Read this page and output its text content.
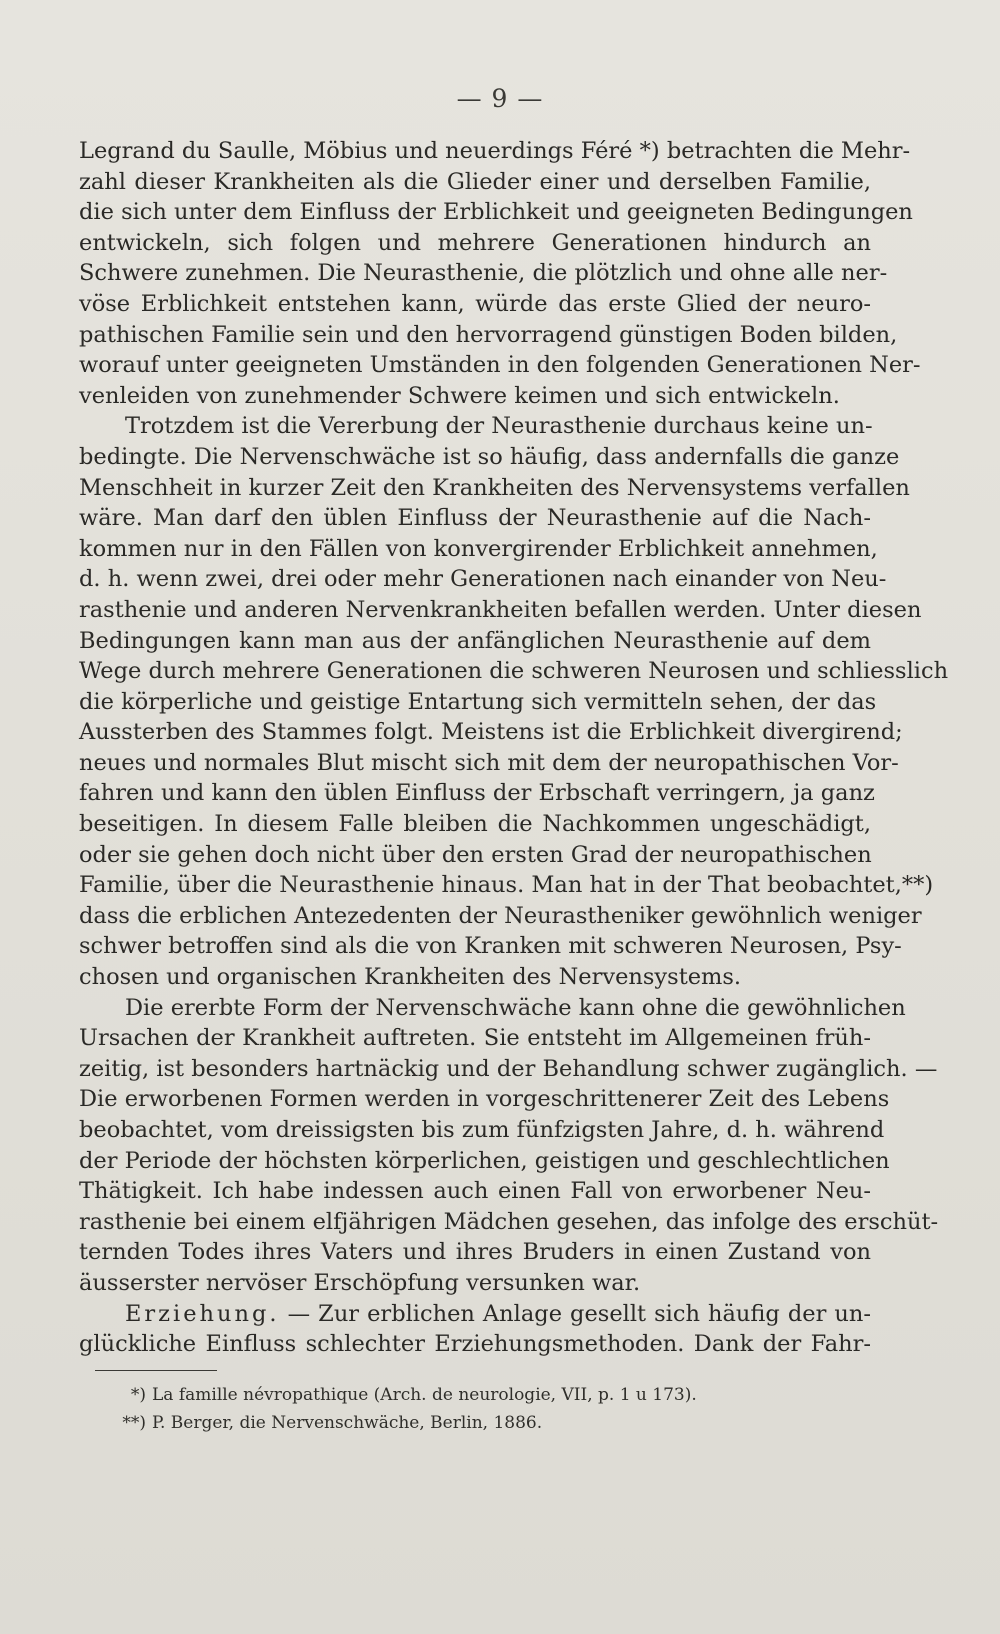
— 9 —
Legrand du Saulle, Möbius und neuerdings Féré *) betrachten die Mehr-
zahl dieser Krankheiten als die Glieder einer und derselben Familie,
die sich unter dem Einfluss der Erblichkeit und geeigneten Bedingungen
entwickeln, sich folgen und mehrere Generationen hindurch an
Schwere zunehmen. Die Neurasthenie, die plötzlich und ohne alle ner-
vöse Erblichkeit entstehen kann, würde das erste Glied der neuro-
pathischen Familie sein und den hervorragend günstigen Boden bilden,
worauf unter geeigneten Umständen in den folgenden Generationen Ner-
venleiden von zunehmender Schwere keimen und sich entwickeln.
Trotzdem ist die Vererbung der Neurasthenie durchaus keine un-
bedingte. Die Nervenschwäche ist so häufig, dass andernfalls die ganze
Menschheit in kurzer Zeit den Krankheiten des Nervensystems verfallen
wäre. Man darf den üblen Einfluss der Neurasthenie auf die Nach-
kommen nur in den Fällen von konvergirender Erblichkeit annehmen,
d. h. wenn zwei, drei oder mehr Generationen nach einander von Neu-
rasthenie und anderen Nervenkrankheiten befallen werden. Unter diesen
Bedingungen kann man aus der anfänglichen Neurasthenie auf dem
Wege durch mehrere Generationen die schweren Neurosen und schliesslich
die körperliche und geistige Entartung sich vermitteln sehen, der das
Aussterben des Stammes folgt. Meistens ist die Erblichkeit divergirend;
neues und normales Blut mischt sich mit dem der neuropathischen Vor-
fahren und kann den üblen Einfluss der Erbschaft verringern, ja ganz
beseitigen. In diesem Falle bleiben die Nachkommen ungeschädigt,
oder sie gehen doch nicht über den ersten Grad der neuropathischen
Familie, über die Neurasthenie hinaus. Man hat in der That beobachtet,**)
dass die erblichen Antezedenten der Neurastheniker gewöhnlich weniger
schwer betroffen sind als die von Kranken mit schweren Neurosen, Psy-
chosen und organischen Krankheiten des Nervensystems.
Die ererbte Form der Nervenschwäche kann ohne die gewöhnlichen
Ursachen der Krankheit auftreten. Sie entsteht im Allgemeinen früh-
zeitig, ist besonders hartnäckig und der Behandlung schwer zugänglich. —
Die erworbenen Formen werden in vorgeschrittenerer Zeit des Lebens
beobachtet, vom dreissigsten bis zum fünfzigsten Jahre, d. h. während
der Periode der höchsten körperlichen, geistigen und geschlechtlichen
Thätigkeit. Ich habe indessen auch einen Fall von erworbener Neu-
rasthenie bei einem elfjährigen Mädchen gesehen, das infolge des erschüt-
ternden Todes ihres Vaters und ihres Bruders in einen Zustand von
äusserster nervöser Erschöpfung versunken war.
Erziehung. — Zur erblichen Anlage gesellt sich häufig der un-
glückliche Einfluss schlechter Erziehungsmethoden. Dank der Fahr-
*) La famille névropathique (Arch. de neurologie, VII, p. 1 u 173).
**) P. Berger, die Nervenschwäche, Berlin, 1886.
